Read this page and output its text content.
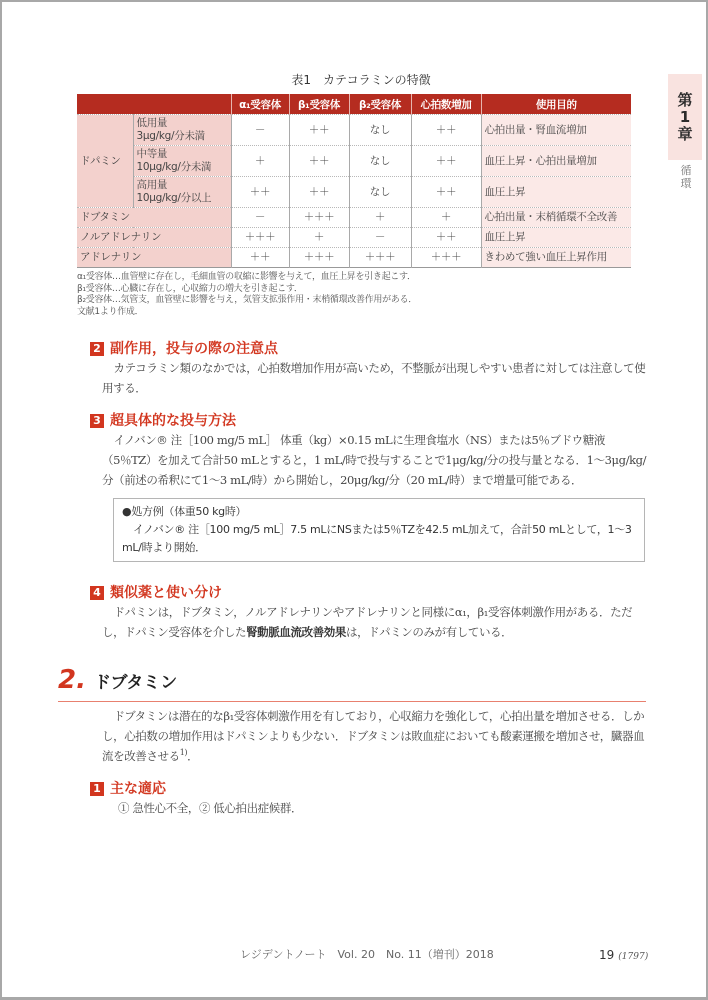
第
1
章
循環
表1　カテコラミンの特徴
		α₁受容体	β₁受容体	β₂受容体	心拍数増加	使用目的
ドパミン	低用量
3μg/kg/分未満	－	＋＋	なし	＋＋	心拍出量・腎血流増加

	中等量
10μg/kg/分未満	＋	＋＋	なし	＋＋	血圧上昇・心拍出量増加

	高用量
10μg/kg/分以上	＋＋	＋＋	なし	＋＋	血圧上昇
ドブタミン		－	＋＋＋	＋	＋	心拍出量・末梢循環不全改善
ノルアドレナリン		＋＋＋	＋	－	＋＋	血圧上昇
アドレナリン		＋＋	＋＋＋	＋＋＋	＋＋＋	きわめて強い血圧上昇作用
α₁受容体…血管壁に存在し，毛細血管の収縮に影響を与えて，血圧上昇を引き起こす．
β₁受容体…心臓に存在し，心収縮力の増大を引き起こす．
β₂受容体…気管支，血管壁に影響を与え，気管支拡張作用・末梢循環改善作用がある．
文献1より作成．
2 副作用，投与の際の注意点
カテコラミン類のなかでは，心拍数増加作用が高いため，不整脈が出現しやすい患者に対しては注意して使用する．
3 超具体的な投与方法
イノバン® 注［100 mg/5 mL］ 体重（kg）×0.15 mLに生理食塩水（NS）または5％ブドウ糖液（5％TZ）を加えて合計50 mLとすると，1 mL/時で投与することで1μg/kg/分の投与量となる．1〜3μg/kg/分（前述の希釈にて1〜3 mL/時）から開始し，20μg/kg/分（20 mL/時）まで増量可能である．
●処方例（体重50 kg時）
イノバン® 注［100 mg/5 mL］7.5 mLにNSまたは5％TZを42.5 mL加えて，合計50 mLとして，1〜3 mL/時より開始．
4 類似薬と使い分け
ドパミンは，ドブタミン，ノルアドレナリンやアドレナリンと同様にα₁，β₁受容体刺激作用がある．ただし，ドパミン受容体を介した腎動脈血流改善効果は，ドパミンのみが有している．
2. ドブタミン
ドブタミンは潜在的なβ₁受容体刺激作用を有しており，心収縮力を強化して，心拍出量を増加させる．しかし，心拍数の増加作用はドパミンよりも少ない．ドブタミンは敗血症においても酸素運搬を増加させ，臓器血流を改善させる$^{1)}$．
1 主な適応
① 急性心不全，② 低心拍出症候群．
レジデントノート　Vol. 20　No. 11（増刊）2018	19 (1797)
